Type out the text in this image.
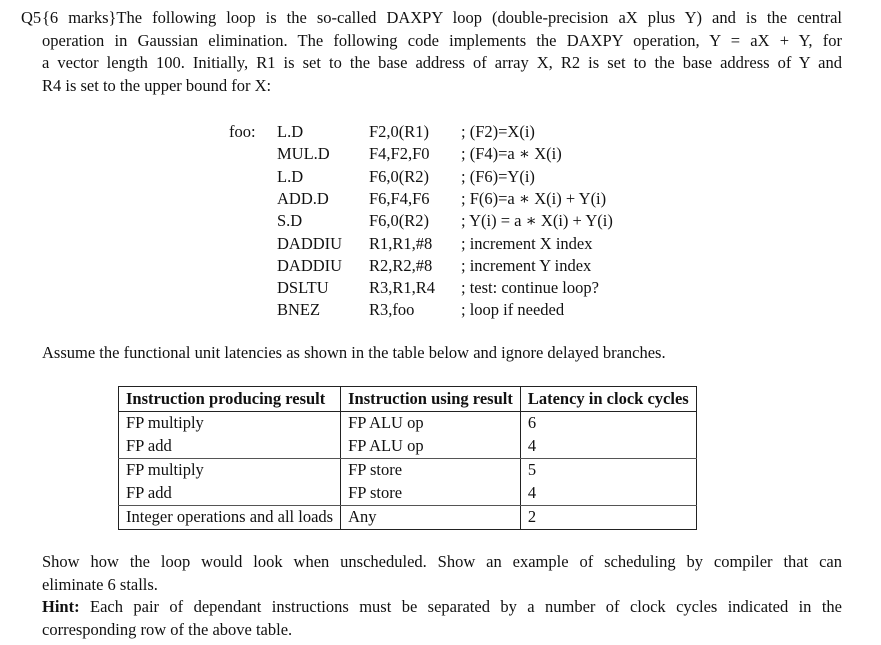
Q5 {6 marks}The following loop is the so-called DAXPY loop (double-precision aX plus Y) and is the central
operation in Gaussian elimination. The following code implements the DAXPY operation, Y = aX + Y, for
a vector length 100. Initially, R1 is set to the base address of array X, R2 is set to the base address of Y and
R4 is set to the upper bound for X:
foo: L.D	F2,0(R1) ; (F2)=X(i)
MUL.D F4,F2,F0 ; (F4)=a ∗ X(i)
L.D	F6,0(R2) ; (F6)=Y(i)
ADD.D F6,F4,F6 ; F(6)=a ∗ X(i) + Y(i)
S.D	F6,0(R2) ; Y(i) = a ∗ X(i) + Y(i)
DADDIU R1,R1,#8 ; increment X index
DADDIU R2,R2,#8 ; increment Y index
DSLTU R3,R1,R4 ; test: continue loop?
BNEZ	R3,foo	; loop if needed
Assume the functional unit latencies as shown in the table below and ignore delayed branches.
Instruction producing result	Instruction using result	Latency in clock cycles
FP multiply	FP ALU op	6
FP add	FP ALU op	4
FP multiply	FP store	5
FP add	FP store	4
Integer operations and all loads	Any	2
Show how the loop would look when unscheduled. Show an example of scheduling by compiler that can
eliminate 6 stalls.
Hint: Each pair of dependant instructions must be separated by a number of clock cycles indicated in the
corresponding row of the above table.
